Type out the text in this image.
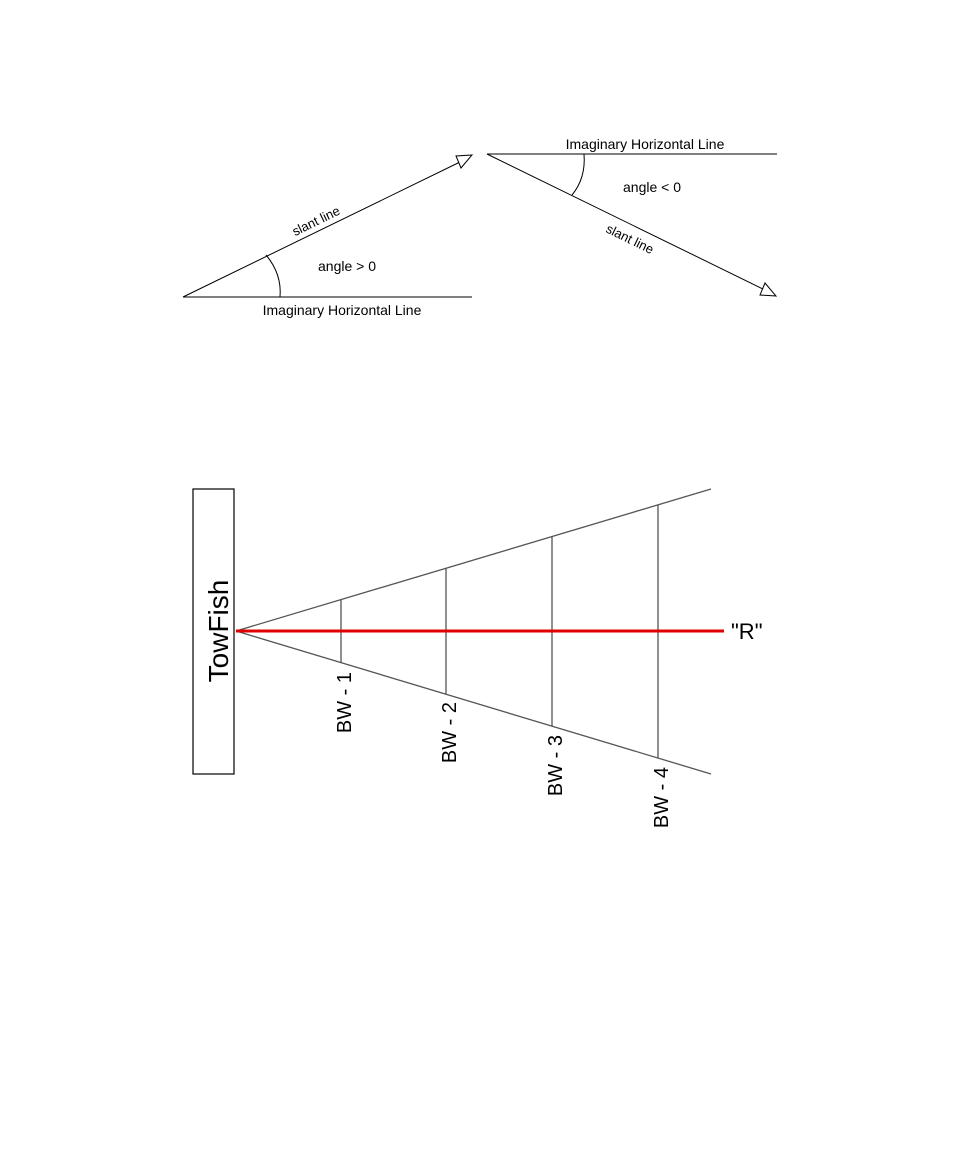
slant line
angle > 0
Imaginary Horizontal Line
Imaginary Horizontal Line
angle < 0
slant line
TowFish	"R"
BW - 1	BW - 2
BW - 3
BW - 4
